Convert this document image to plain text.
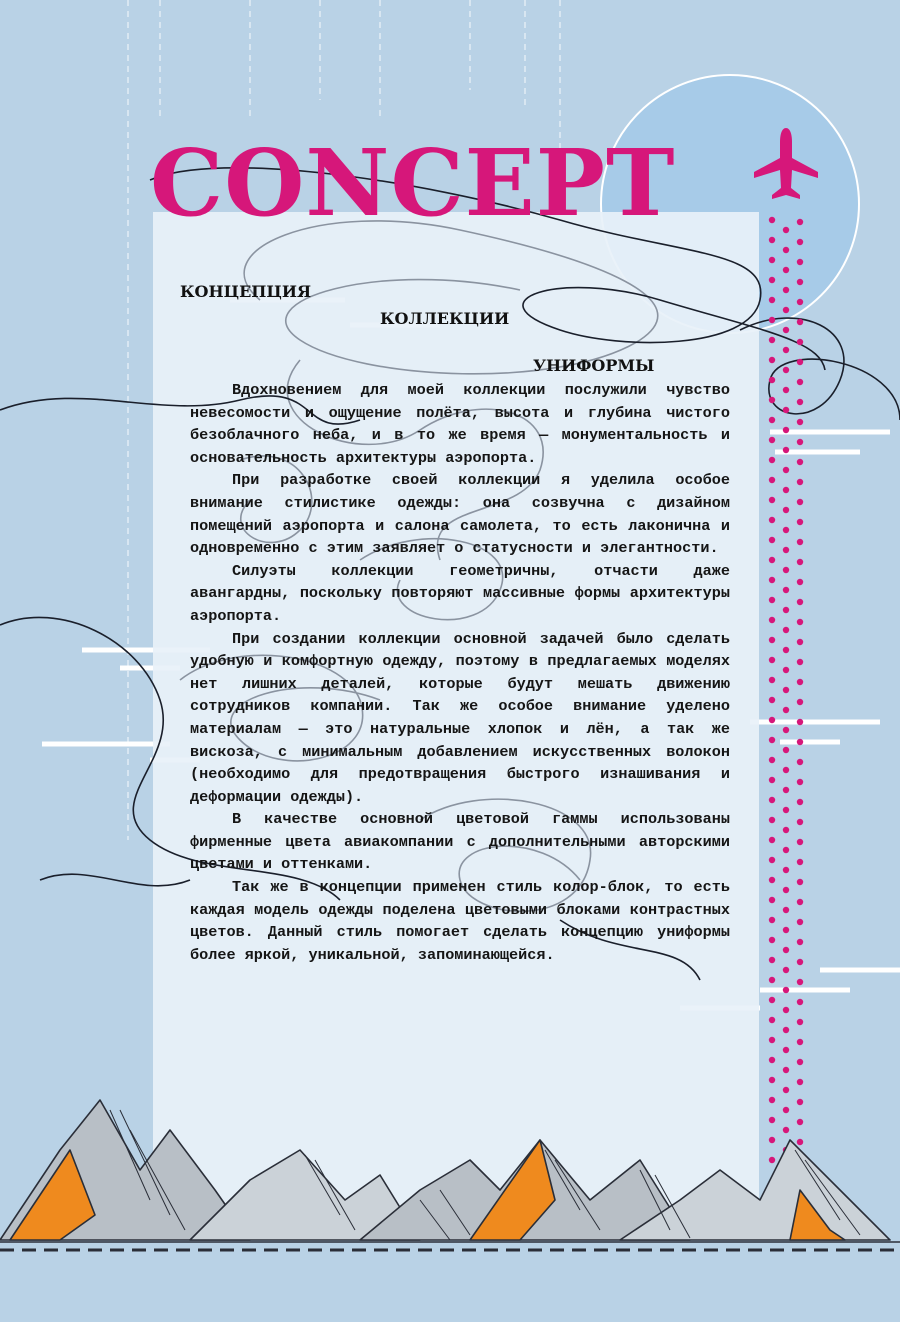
CONCEPT
КОНЦЕПЦИЯ
КОЛЛЕКЦИИ
УНИФОРМЫ

Вдохновением для моей коллекции послужили чувство невесомости и ощущение полёта, высота и глубина чистого безоблачного неба, и в то же время — монументальность и основательность архитектуры аэропорта.

При разработке своей коллекции я уделила особое внимание стилистике одежды: она созвучна с дизайном помещений аэропорта и салона самолета, то есть лаконична и одновременно с этим заявляет о статусности и элегантности.

Силуэты коллекции геометричны, отчасти даже авангардны, поскольку повторяют массивные формы архитектуры аэропорта.

При создании коллекции основной задачей было сделать удобную и комфортную одежду, поэтому в предлагаемых моделях нет лишних деталей, которые будут мешать движению сотрудников компании. Так же особое внимание уделено материалам — это натуральные хлопок и лён, а так же вискоза, с минимальным добавлением искусственных волокон (необходимо для предотвращения быстрого изнашивания и деформации одежды).

В качестве основной цветовой гаммы использованы фирменные цвета авиакомпании с дополнительными авторскими цветами и оттенками.

Так же в концепции применен стиль колор-блок, то есть каждая модель одежды поделена цветовыми блоками контрастных цветов. Данный стиль помогает сделать концепцию униформы более яркой, уникальной, запоминающейся.
